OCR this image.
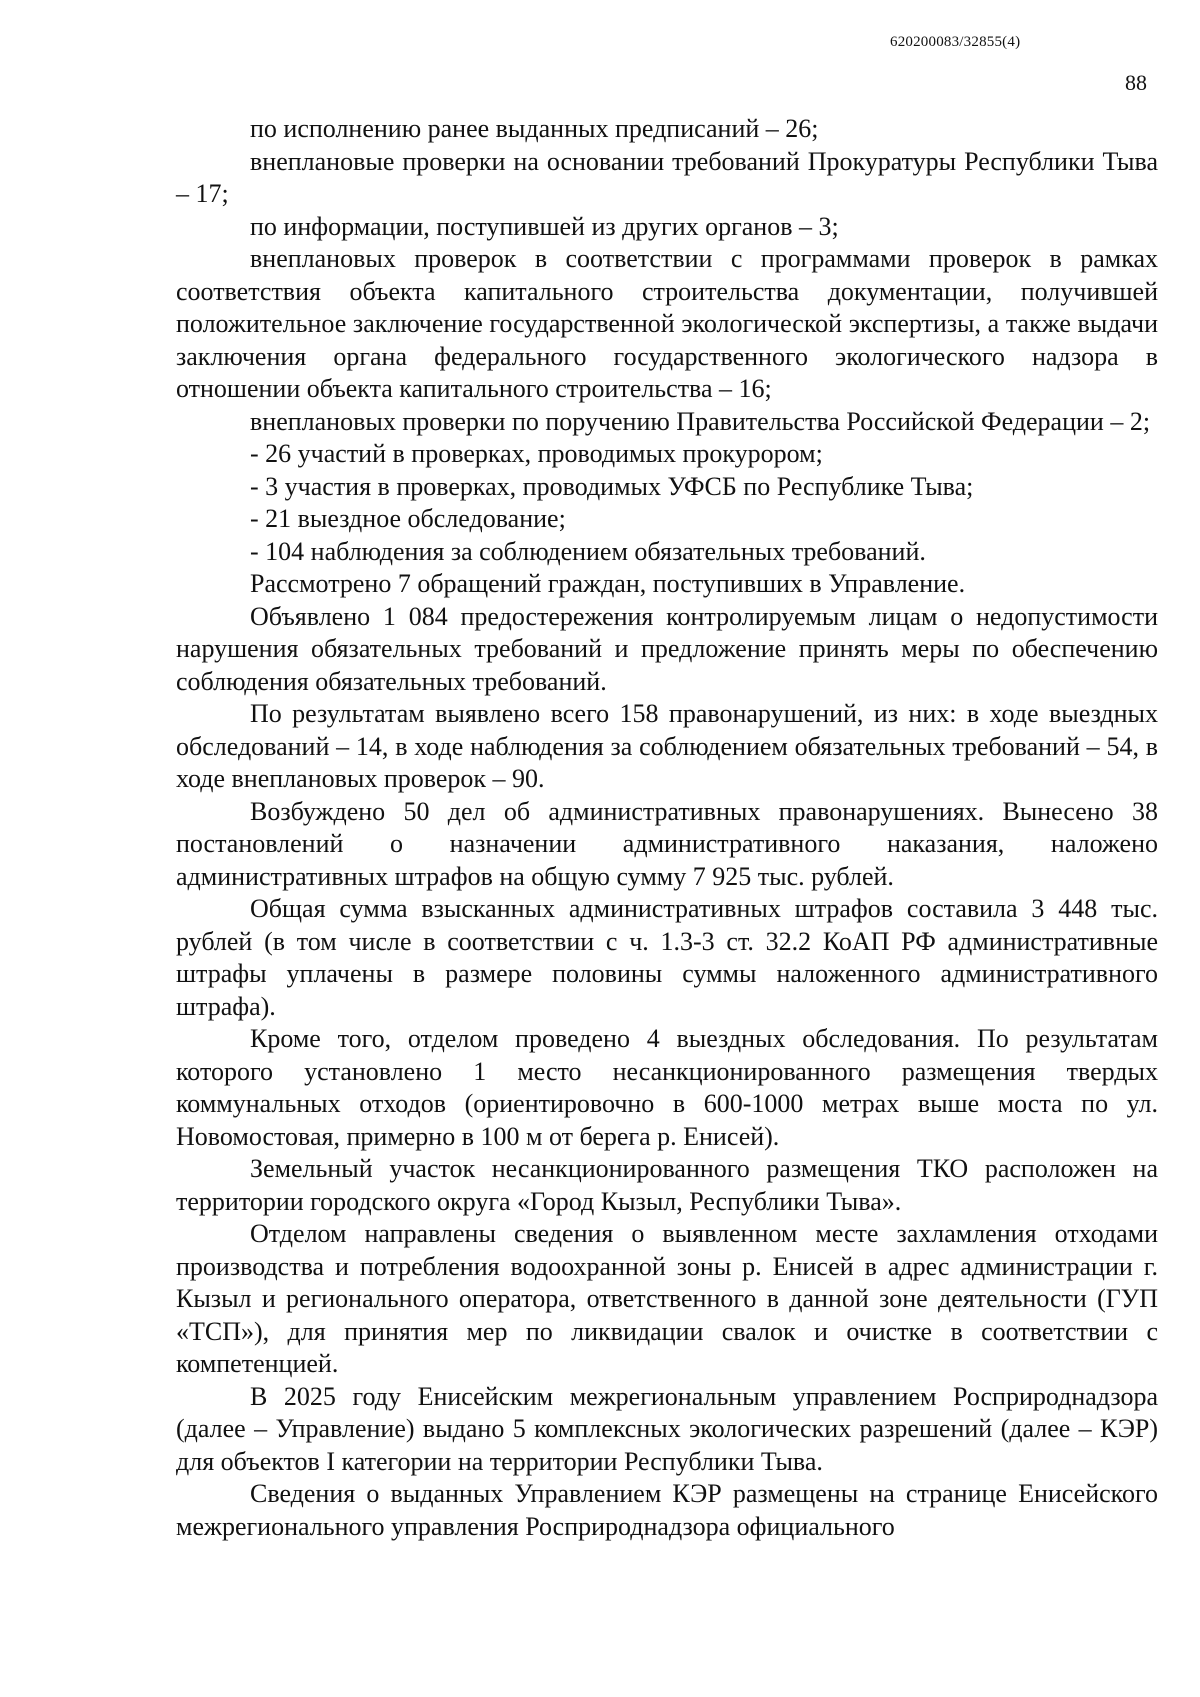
620200083/32855(4)
88

по исполнению ранее выданных предписаний – 26;

внеплановые проверки на основании требований Прокуратуры Республики Тыва – 17;

по информации, поступившей из других органов – 3;

внеплановых проверок в соответствии с программами проверок в рамках соответствия объекта капитального строительства документации, получившей положительное заключение государственной экологической экспертизы, а также выдачи заключения органа федерального государственного экологического надзора в отношении объекта капитального строительства – 16;

внеплановых проверки по поручению Правительства Российской Федерации – 2;

- 26 участий в проверках, проводимых прокурором;

- 3 участия в проверках, проводимых УФСБ по Республике Тыва;

- 21 выездное обследование;

- 104 наблюдения за соблюдением обязательных требований.

Рассмотрено 7 обращений граждан, поступивших в Управление.

Объявлено 1 084 предостережения контролируемым лицам о недопустимости нарушения обязательных требований и предложение принять меры по обеспечению соблюдения обязательных требований.

По результатам выявлено всего 158 правонарушений, из них: в ходе выездных обследований – 14, в ходе наблюдения за соблюдением обязательных требований – 54, в ходе внеплановых проверок – 90.

Возбуждено 50 дел об административных правонарушениях. Вынесено 38 постановлений о назначении административного наказания, наложено административных штрафов на общую сумму 7 925 тыс. рублей.

Общая сумма взысканных административных штрафов составила 3 448 тыс. рублей (в том числе в соответствии с ч. 1.3-3 ст. 32.2 КоАП РФ административные штрафы уплачены в размере половины суммы наложенного административного штрафа).

Кроме того, отделом проведено 4 выездных обследования. По результатам которого установлено 1 место несанкционированного размещения твердых коммунальных отходов (ориентировочно в 600-1000 метрах выше моста по ул. Новомостовая, примерно в 100 м от берега р. Енисей).

Земельный участок несанкционированного размещения ТКО расположен на территории городского округа «Город Кызыл, Республики Тыва».

Отделом направлены сведения о выявленном месте захламления отходами производства и потребления водоохранной зоны р. Енисей в адрес администрации г. Кызыл и регионального оператора, ответственного в данной зоне деятельности (ГУП «ТСП»), для принятия мер по ликвидации свалок и очистке в соответствии с компетенцией.

В 2025 году Енисейским межрегиональным управлением Росприроднадзора (далее – Управление) выдано 5 комплексных экологических разрешений (далее – КЭР) для объектов I категории на территории Республики Тыва.

Сведения о выданных Управлением КЭР размещены на странице Енисейского межрегионального управления Росприроднадзора официального
